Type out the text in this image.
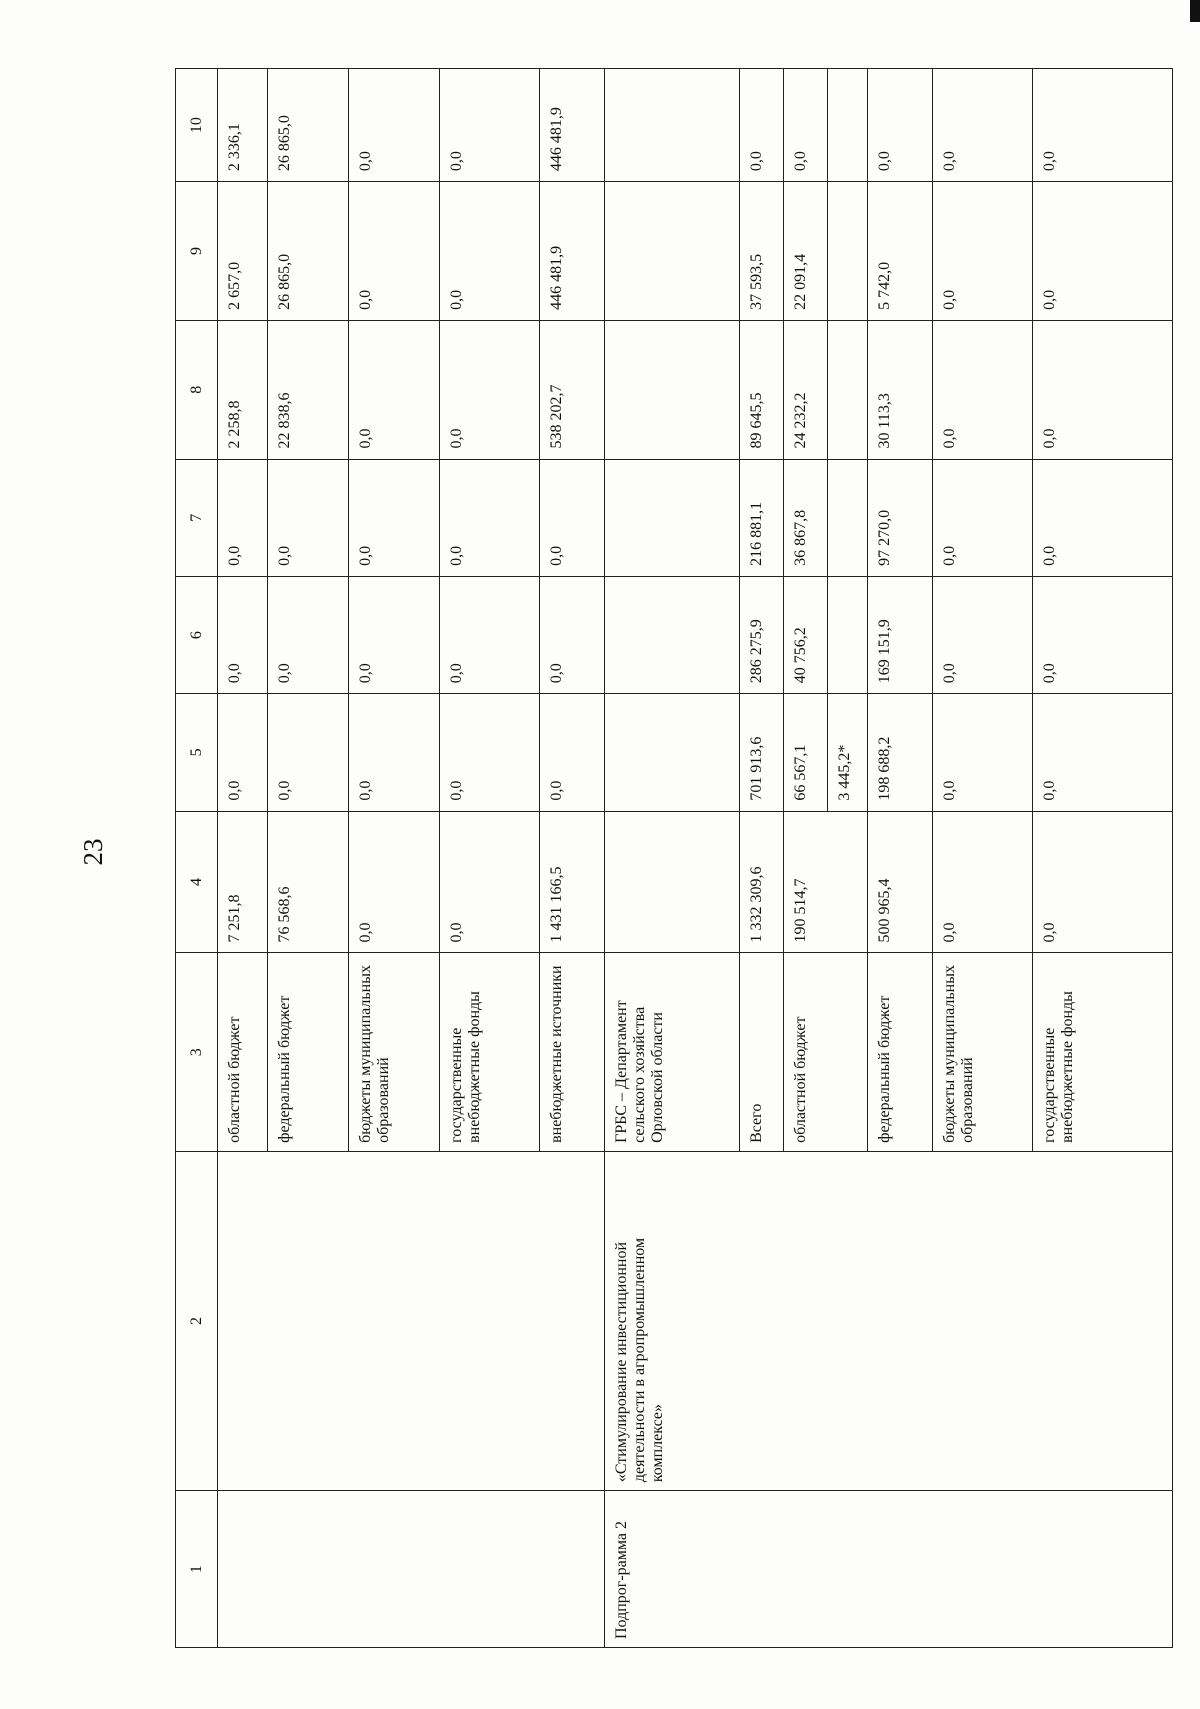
23
1	2	3	4	5	6	7	8	9	10
		областной бюджет	7 251,8	0,0	0,0	0,0	2 258,8	2 657,0	2 336,1
		федеральный бюджет	76 568,6	0,0	0,0	0,0	22 838,6	26 865,0	26 865,0
		бюджеты муниципальных образований	0,0	0,0	0,0	0,0	0,0	0,0	0,0
		государственные внебюджетные фонды	0,0	0,0	0,0	0,0	0,0	0,0	0,0
		внебюджетные источники	1 431 166,5	0,0	0,0	0,0	538 202,7	446 481,9	446 481,9
Подпрог-рамма 2	«Стимулирование инвестиционной деятельности в агропромышленном комплексе»	ГРБС – Департамент сельского хозяйства Орловской области							
		Всего	1 332 309,6	701 913,6	286 275,9	216 881,1	89 645,5	37 593,5	0,0
		областной бюджет	190 514,7	66 567,1	40 756,2	36 867,8	24 232,2	22 091,4	0,0
				3 445,2*					
		федеральный бюджет	500 965,4	198 688,2	169 151,9	97 270,0	30 113,3	5 742,0	0,0
		бюджеты муниципальных образований	0,0	0,0	0,0	0,0	0,0	0,0	0,0
		государственные внебюджетные фонды	0,0	0,0	0,0	0,0	0,0	0,0	0,0
